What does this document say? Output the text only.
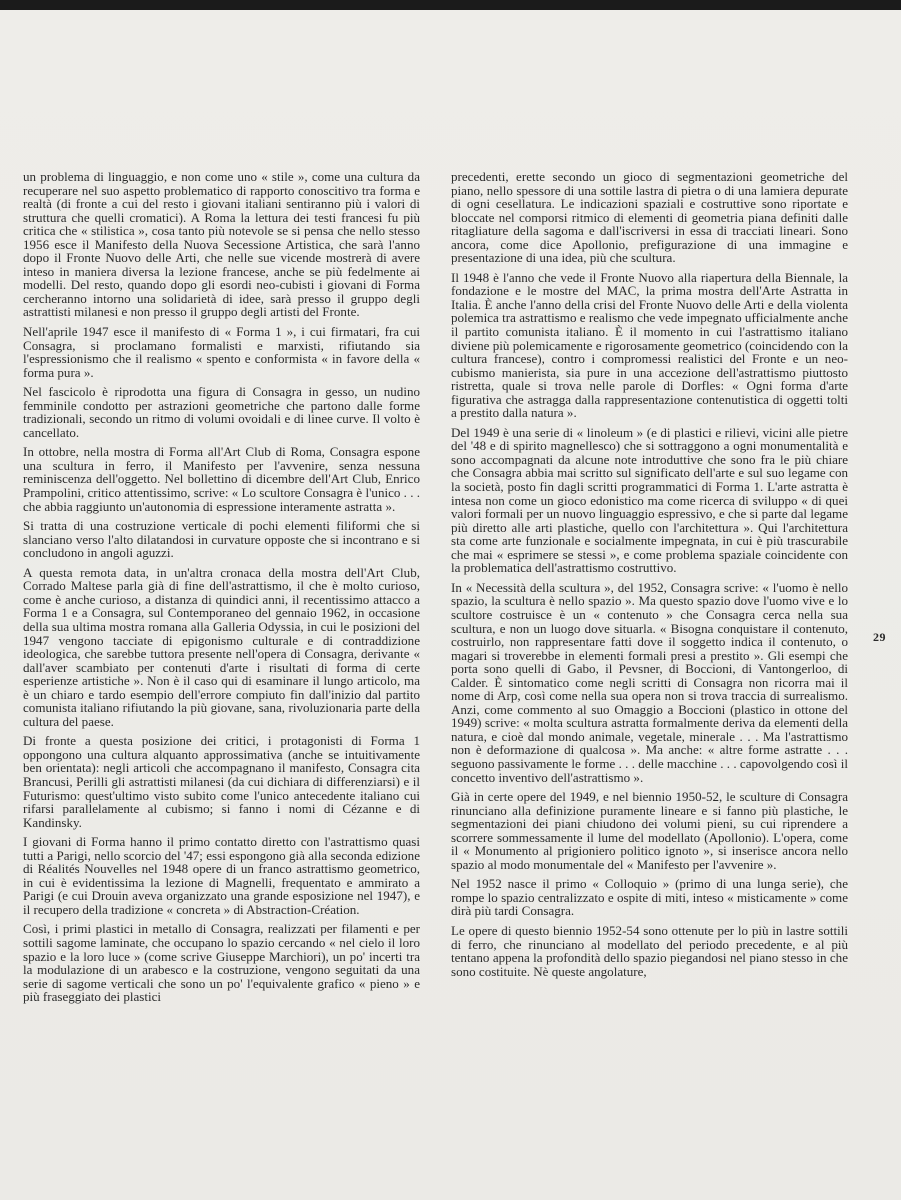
un problema di linguaggio, e non come uno « stile », come una cultura da recuperare nel suo aspetto problematico di rapporto conoscitivo tra forma e realtà (di fronte a cui del resto i giovani italiani sentiranno più i valori di struttura che quelli cromatici). A Roma la lettura dei testi francesi fu più critica che « stilistica », cosa tanto più notevole se si pensa che nello stesso 1956 esce il Manifesto della Nuova Secessione Artistica, che sarà l'anno dopo il Fronte Nuovo delle Arti, che nelle sue vicende mostrerà di avere inteso in maniera diversa la lezione francese, anche se più fedelmente ai modelli. Del resto, quando dopo gli esordi neo-cubisti i giovani di Forma cercheranno intorno una solidarietà di idee, sarà presso il gruppo degli astrattisti milanesi e non presso il gruppo degli artisti del Fronte.

Nell'aprile 1947 esce il manifesto di « Forma 1 », i cui firmatari, fra cui Consagra, si proclamano formalisti e marxisti, rifiutando sia l'espressionismo che il realismo « spento e conformista « in favore della « forma pura ».

Nel fascicolo è riprodotta una figura di Consagra in gesso, un nudino femminile condotto per astrazioni geometriche che partono dalle forme tradizionali, secondo un ritmo di volumi ovoidali e di linee curve. Il volto è cancellato.

In ottobre, nella mostra di Forma all'Art Club di Roma, Consagra espone una scultura in ferro, il Manifesto per l'avvenire, senza nessuna reminiscenza dell'oggetto. Nel bollettino di dicembre dell'Art Club, Enrico Prampolini, critico attentissimo, scrive: « Lo scultore Consagra è l'unico . . . che abbia raggiunto un'autonomia di espressione interamente astratta ».

Si tratta di una costruzione verticale di pochi elementi filiformi che si slanciano verso l'alto dilatandosi in curvature opposte che si incontrano e si concludono in angoli aguzzi.

A questa remota data, in un'altra cronaca della mostra dell'Art Club, Corrado Maltese parla già di fine dell'astrattismo, il che è molto curioso, come è anche curioso, a distanza di quindici anni, il recentissimo attacco a Forma 1 e a Consagra, sul Contemporaneo del gennaio 1962, in occasione della sua ultima mostra romana alla Galleria Odyssia, in cui le posizioni del 1947 vengono tacciate di epigonismo culturale e di contraddizione ideologica, che sarebbe tuttora presente nell'opera di Consagra, derivante « dall'aver scambiato per contenuti d'arte i risultati di forma di certe esperienze artistiche ». Non è il caso qui di esaminare il lungo articolo, ma è un chiaro e tardo esempio dell'errore compiuto fin dall'inizio dal partito comunista italiano rifiutando la più giovane, sana, rivoluzionaria parte della cultura del paese.

Di fronte a questa posizione dei critici, i protagonisti di Forma 1 oppongono una cultura alquanto approssimativa (anche se intuitivamente ben orientata): negli articoli che accompagnano il manifesto, Consagra cita Brancusi, Perilli gli astrattisti milanesi (da cui dichiara di differenziarsi) e il Futurismo: quest'ultimo visto subito come l'unico antecedente italiano cui rifarsi parallelamente al cubismo; si fanno i nomi di Cézanne e di Kandinsky.

I giovani di Forma hanno il primo contatto diretto con l'astrattismo quasi tutti a Parigi, nello scorcio del '47; essi espongono già alla seconda edizione di Réalités Nouvelles nel 1948 opere di un franco astrattismo geometrico, in cui è evidentissima la lezione di Magnelli, frequentato e ammirato a Parigi (e cui Drouin aveva organizzato una grande esposizione nel 1947), e il recupero della tradizione « concreta » di Abstraction-Création.

Così, i primi plastici in metallo di Consagra, realizzati per filamenti e per sottili sagome laminate, che occupano lo spazio cercando « nel cielo il loro spazio e la loro luce » (come scrive Giuseppe Marchiori), un po' incerti tra la modulazione di un arabesco e la costruzione, vengono seguitati da una serie di sagome verticali che sono un po' l'equivalente grafico « pieno » e più fraseggiato dei plastici

precedenti, erette secondo un gioco di segmentazioni geometriche del piano, nello spessore di una sottile lastra di pietra o di una lamiera depurate di ogni cesellatura. Le indicazioni spaziali e costruttive sono riportate e bloccate nel comporsi ritmico di elementi di geometria piana definiti dalle ritagliature della sagoma e dall'iscriversi in essa di tracciati lineari. Sono ancora, come dice Apollonio, prefigurazione di una immagine e presentazione di una idea, più che scultura.

Il 1948 è l'anno che vede il Fronte Nuovo alla riapertura della Biennale, la fondazione e le mostre del MAC, la prima mostra dell'Arte Astratta in Italia. È anche l'anno della crisi del Fronte Nuovo delle Arti e della violenta polemica tra astrattismo e realismo che vede impegnato ufficialmente anche il partito comunista italiano. È il momento in cui l'astrattismo italiano diviene più polemicamente e rigorosamente geometrico (coincidendo con la cultura francese), contro i compromessi realistici del Fronte e un neo-cubismo manierista, sia pure in una accezione dell'astrattismo piuttosto ristretta, quale si trova nelle parole di Dorfles: « Ogni forma d'arte figurativa che astragga dalla rappresentazione contenutistica di oggetti tolti a prestito dalla natura ».

Del 1949 è una serie di « linoleum » (e di plastici e rilievi, vicini alle pietre del '48 e di spirito magnellesco) che si sottraggono a ogni monumentalità e sono accompagnati da alcune note introduttive che sono fra le più chiare che Consagra abbia mai scritto sul significato dell'arte e sul suo legame con la società, posto fin dagli scritti programmatici di Forma 1. L'arte astratta è intesa non come un gioco edonistico ma come ricerca di sviluppo « di quei valori formali per un nuovo linguaggio espressivo, e che si parte dal legame più diretto alle arti plastiche, quello con l'architettura ». Qui l'architettura sta come arte funzionale e socialmente impegnata, in cui è più trascurabile che mai « esprimere se stessi », e come problema spaziale coincidente con la problematica dell'astrattismo costruttivo.

In « Necessità della scultura », del 1952, Consagra scrive: « l'uomo è nello spazio, la scultura è nello spazio ». Ma questo spazio dove l'uomo vive e lo scultore costruisce è un « contenuto » che Consagra cerca nella sua scultura, e non un luogo dove situarla. « Bisogna conquistare il contenuto, costruirlo, non rappresentare fatti dove il soggetto indica il contenuto, o magari si troverebbe in elementi formali presi a prestito ». Gli esempi che porta sono quelli di Gabo, il Pevsner, di Boccioni, di Vantongerloo, di Calder. È sintomatico come negli scritti di Consagra non ricorra mai il nome di Arp, così come nella sua opera non si trova traccia di surrealismo. Anzi, come commento al suo Omaggio a Boccioni (plastico in ottone del 1949) scrive: « molta scultura astratta formalmente deriva da elementi della natura, e cioè dal mondo animale, vegetale, minerale . . . Ma l'astrattismo non è deformazione di qualcosa ». Ma anche: « altre forme astratte . . . seguono passivamente le forme . . . delle macchine . . . capovolgendo così il concetto inventivo dell'astrattismo ».

Già in certe opere del 1949, e nel biennio 1950-52, le sculture di Consagra rinunciano alla definizione puramente lineare e si fanno più plastiche, le segmentazioni dei piani chiudono dei volumi pieni, su cui riprendere a scorrere sommessamente il lume del modellato (Apollonio). L'opera, come il « Monumento al prigioniero politico ignoto », si inserisce ancora nello spazio al modo monumentale del « Manifesto per l'avvenire ».

Nel 1952 nasce il primo « Colloquio » (primo di una lunga serie), che rompe lo spazio centralizzato e ospite di miti, inteso « misticamente » come dirà più tardi Consagra.

Le opere di questo biennio 1952-54 sono ottenute per lo più in lastre sottili di ferro, che rinunciano al modellato del periodo precedente, e al più tentano appena la profondità dello spazio piegandosi nel piano stesso in che sono costituite. Nè queste angolature,

29
